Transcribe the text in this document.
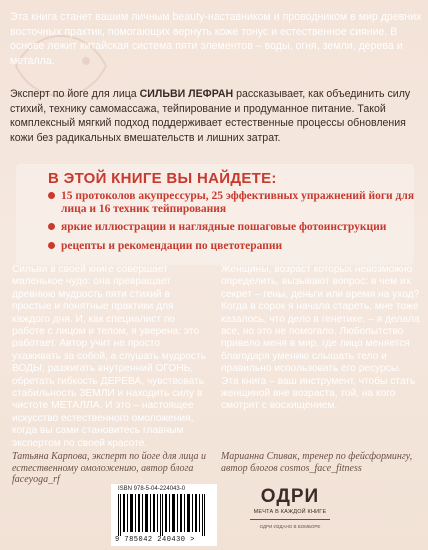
Эта книга станет вашим личным beauty-наставником и проводником в мир древних восточных практик, помогающих вернуть коже тонус и естественное сияние. В основе лежит китайская система пяти элементов – воды, огня, земли, дерева и металла.
Эксперт по йоге для лица СИЛЬВИ ЛЕФРАН рассказывает, как объединить силу стихий, технику самомассажа, тейпирование и продуманное питание. Такой комплексный мягкий подход поддерживает естественные процессы обновления кожи без радикальных вмешательств и лишних затрат.
В ЭТОЙ КНИГЕ ВЫ НАЙДЕТЕ:
15 протоколов акупрессуры, 25 эффективных упражнений йоги для лица и 16 техник тейпирования
яркие иллюстрации и наглядные пошаговые фотоинструкции
рецепты и рекомендации по цветотерапии
Сильви в своей книге совершает маленькое чудо: она превращает древнюю мудрость пяти стихий в простые и понятные практики для каждого дня. И, как специалист по работе с лицом и телом, я уверена: это работает. Автор учит не просто ухаживать за собой, а слушать мудрость ВОДЫ, разжигать внутренний ОГОНЬ, обретать гибкость ДЕРЕВА, чувствовать стабильность ЗЕМЛИ и находить силу в чистоте МЕТАЛЛА. И это – настоящее искусство естественного омоложения, когда вы сами становитесь главным экспертом по своей красоте.
Женщины, возраст которых невозможно определить, вызывают вопрос: в чем их секрет – гены, деньги или время на уход? Когда в сорок я начала стареть, мне тоже казалось, что дело в генетике, – я делала все, но это не помогало. Любопытство привело меня в мир, где лицо меняется благодаря умению слышать тело и правильно использовать его ресурсы. Эта книга – ваш инструмент, чтобы стать женщиной вне возраста, той, на кого смотрят с восхищением.
Татьяна Карпова, эксперт по йоге для лица и естественному омоложению, автор блога faceyoga_rf
Марианна Спивак, тренер по фейсформингу, автор блогов cosmos_face_fitness
ISBN 978-5-04-224043-0
9 785042 240430 >
ОДРИ
МЕЧТА В КАЖДОЙ КНИГЕ
ОДРИ ИЗДАНО В БОМБОРЕ
